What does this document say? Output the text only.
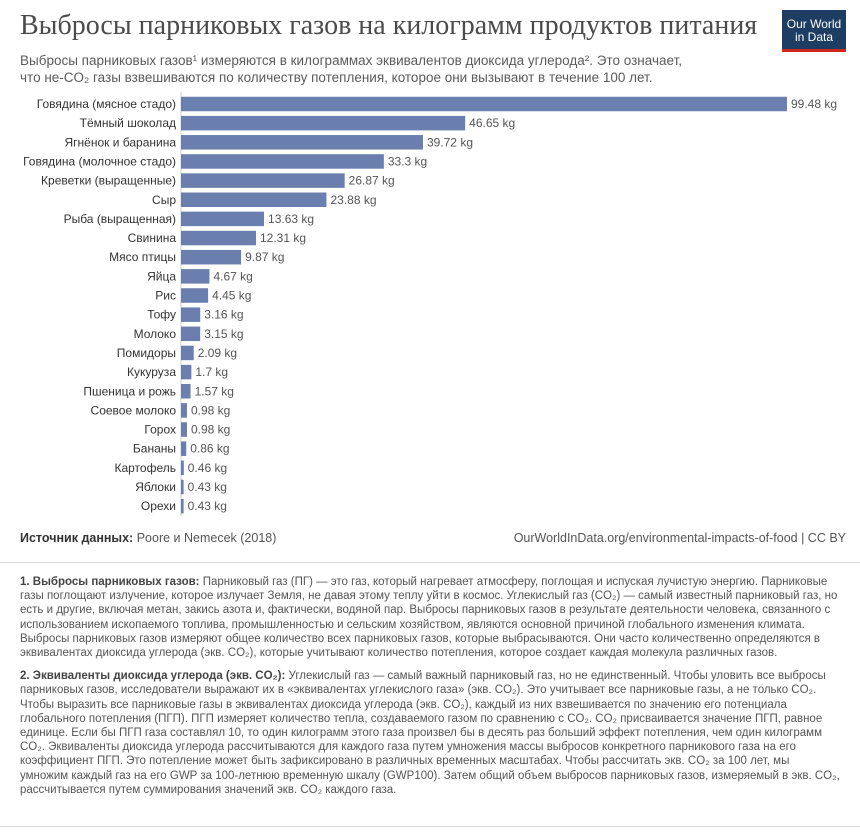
Выбросы парниковых газов на килограмм продуктов питания	Our World
in Data
Выбросы парниковых газов¹ измеряются в килограммах эквивалентов диоксида углерода². Это означает,
что не-CO₂ газы взвешиваются по количеству потепления, которое они вызывают в течение 100 лет.
Говядина (мясное стадо)	99.48 kg
Тёмный шоколад	46.65 kg
Ягнёнок и баранина	39.72 kg
Говядина (молочное стадо)	33.3 kg
Креветки (выращенные)	26.87 kg
Сыр	23.88 kg
Рыба (выращенная)	13.63 kg
Свинина	12.31 kg
Мясо птицы	9.87 kg
Яйца	4.67 kg
Рис	4.45 kg
Тофу 3.16 kg
Молоко 3.15 kg
Помидоры 2.09 kg
Кукуруза 1.7 kg
Пшеница и рожь 1.57 kg
Соевое молоко 0.98 kg
Горох 0.98 kg
Бананы 0.86 kg
Картофель 0.46 kg
Яблоки 0.43 kg
Орехи 0.43 kg
Источник данных: Poore и Nemecek (2018)	OurWorldInData.org/environmental-impacts-of-food | CC BY
1. Выбросы парниковых газов: Парниковый газ (ПГ) — это газ, который нагревает атмосферу, поглощая и испуская лучистую энергию. Парниковые газы поглощают излучение, которое излучает Земля, не давая этому теплу уйти в космос. Углекислый газ (CO₂) — самый известный парниковый газ, но есть и другие, включая метан, закись азота и, фактически, водяной пар. Выбросы парниковых газов в результате деятельности человека, связанного с использованием ископаемого топлива, промышленностью и сельским хозяйством, являются основной причиной глобального изменения климата. Выбросы парниковых газов измеряют общее количество всех парниковых газов, которые выбрасываются. Они часто количественно определяются в эквивалентах диоксида углерода (экв. CO₂), которые учитывают количество потепления, которое создает каждая молекула различных газов.
2. Эквиваленты диоксида углерода (экв. CO₂): Углекислый газ — самый важный парниковый газ, но не единственный. Чтобы уловить все выбросы парниковых газов, исследователи выражают их в «эквивалентах углекислого газа» (экв. CO₂). Это учитывает все парниковые газы, а не только CO₂. Чтобы выразить все парниковые газы в эквивалентах диоксида углерода (экв. CO₂), каждый из них взвешивается по значению его потенциала глобального потепления (ПГП). ПГП измеряет количество тепла, создаваемого газом по сравнению с CO₂. CO₂ присваивается значение ПГП, равное единице. Если бы ПГП газа составлял 10, то один килограмм этого газа произвел бы в десять раз больший эффект потепления, чем один килограмм CO₂. Эквиваленты диоксида углерода рассчитываются для каждого газа путем умножения массы выбросов конкретного парникового газа на его коэффициент ПГП. Это потепление может быть зафиксировано в различных временных масштабах. Чтобы рассчитать экв. CO₂ за 100 лет, мы умножим каждый газ на его GWP за 100-летнюю временную шкалу (GWP100). Затем общий объем выбросов парниковых газов, измеряемый в экв. CO₂, рассчитывается путем суммирования значений экв. CO₂ каждого газа.
